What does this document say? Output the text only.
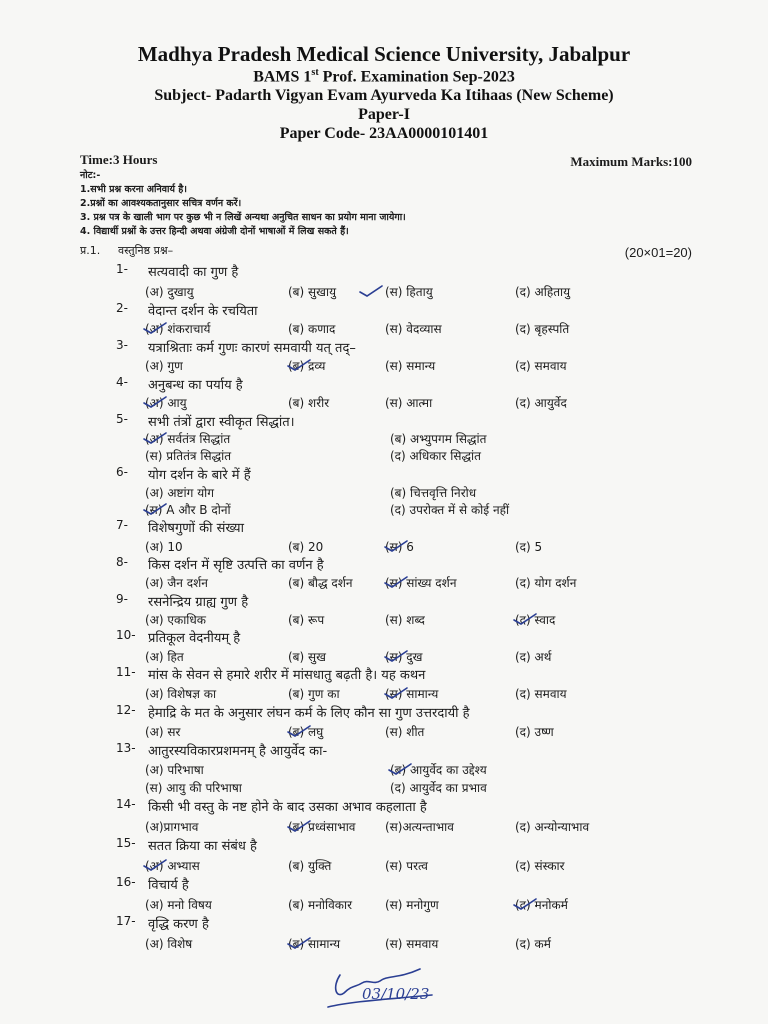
Madhya Pradesh Medical Science University, Jabalpur
BAMS 1st Prof. Examination Sep-2023
Subject- Padarth Vigyan Evam Ayurveda Ka Itihaas (New Scheme)
Paper-I
Paper Code- 23AA0000101401
Time:3 Hours	Maximum Marks:100
नोट:-
1.सभी प्रश्न करना अनिवार्य है।
2.प्रश्नों का आवश्यकतानुसार सचित्र वर्णन करें।
3. प्रश्न पत्र के खाली भाग पर कुछ भी न लिखें अन्यथा अनुचित साधन का प्रयोग माना जायेगा।
4. विद्यार्थी प्रश्नों के उत्तर हिन्दी अथवा अंग्रेजी दोनों भाषाओं में लिख सकते हैं।
प्र.1. वस्तुनिष्ठ प्रश्न–	(20×01=20)
1- सत्यवादी का गुण है
(अ) दुखायु	(ब) सुखायु	(स) हितायु	(द) अहितायु
2- वेदान्त दर्शन के रचयिता
(अ) शंकराचार्य	(ब) कणाद	(स) वेदव्यास	(द) बृहस्पति
3- यत्राश्रिताः कर्म गुणः कारणं समवायी यत् तद्–
(अ) गुण	(ब) द्रव्य	(स) समान्य	(द) समवाय
4- अनुबन्ध का पर्याय है
(अ) आयु	(ब) शरीर	(स) आत्मा	(द) आयुर्वेद
5- सभी तंत्रों द्वारा स्वीकृत सिद्धांत।
(अ) सर्वतंत्र सिद्धांत	(ब) अभ्युपगम सिद्धांत
(स) प्रतितंत्र सिद्धांत	(द) अधिकार सिद्धांत
6- योग दर्शन के बारे में हैं
(अ) अष्टांग योग	(ब) चित्तवृत्ति निरोध
(स) A और B दोनों	(द) उपरोक्त में से कोई नहीं
7- विशेषगुणों की संख्या
(अ) 10	(ब) 20	(स) 6	(द) 5
8- किस दर्शन में सृष्टि उत्पत्ति का वर्णन है
(अ) जैन दर्शन	(ब) बौद्ध दर्शन	(स) सांख्य दर्शन	(द) योग दर्शन
9- रसनेन्द्रिय ग्राह्य गुण है
(अ) एकाधिक	(ब) रूप	(स) शब्द	(द) स्वाद
10- प्रतिकूल वेदनीयम् है
(अ) हित	(ब) सुख	(स) दुख	(द) अर्थ
11- मांस के सेवन से हमारे शरीर में मांसधातु बढ़ती है। यह कथन
(अ) विशेषज्ञ का	(ब) गुण का	(स) सामान्य	(द) समवाय
12- हेमाद्रि के मत के अनुसार लंघन कर्म के लिए कौन सा गुण उत्तरदायी है
(अ) सर	(ब) लघु	(स) शीत	(द) उष्ण
13- आतुरस्यविकारप्रशमनम् है आयुर्वेद का-
(अ) परिभाषा	(ब) आयुर्वेद का उद्देश्य
(स) आयु की परिभाषा	(द) आयुर्वेद का प्रभाव
14- किसी भी वस्तु के नष्ट होने के बाद उसका अभाव कहलाता है
(अ)प्रागभाव	(ब) प्रध्वंसाभाव (स)अत्यन्ताभाव	(द) अन्योन्याभाव
15- सतत क्रिया का संबंध है
(अ) अभ्यास	(ब) युक्ति	(स) परत्व	(द) संस्कार
16- विचार्य है
(अ) मनो विषय	(ब) मनोविकार	(स) मनोगुण	(द) मनोकर्म
17- वृद्धि करण है
(अ) विशेष	(ब) सामान्य	(स) समवाय	(द) कर्म
03/10/23
